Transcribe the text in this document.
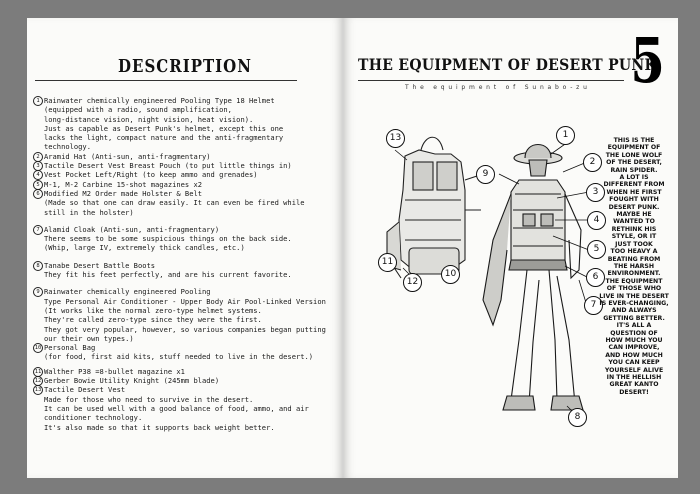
DESCRIPTION
1 Rainwater chemically engineered Pooling Type 18 Helmet
(equipped with a radio, sound amplification,
long-distance vision, night vision, heat vision).
Just as capable as Desert Punk's helmet, except this one
lacks the light, compact nature and the anti-fragmentary
technology.
2 Aramid Hat (Anti-sun, anti-fragmentary)
3 Tactile Desert Vest Breast Pouch (to put little things in)
4 Vest Pocket Left/Right (to keep ammo and grenades)
5 M-1, M-2 Carbine 15-shot magazines x2
6 Modified M2 Order made Holster & Belt
(Made so that one can draw easily. It can even be fired while
still in the holster)
7 Alamid Cloak (Anti-sun, anti-fragmentary)
There seems to be some suspicious things on the back side.
(Whip, large IV, extremely thick candles, etc.)
8 Tanabe Desert Battle Boots
They fit his feet perfectly, and are his current favorite.
9 Rainwater chemically engineered Pooling
Type Personal Air Conditioner - Upper Body Air Pool-Linked Version
(It works like the normal zero-type helmet systems.
They're called zero-type since they were the first.
They got very popular, however, so various companies began putting
our their own types.)
10 Personal Bag
(for food, first aid kits, stuff needed to live in the desert.)
11 Walther P38 =8-bullet magazine x1
12 Gerber Bowie Utility Knight (245mm blade)
13 Tactile Desert Vest
Made for those who need to survive in the desert.
It can be used well with a good balance of food, ammo, and air
conditioner technology.
It's also made so that it supports back weight better.
THE EQUIPMENT OF DESERT PUNK
The equipment of Sunabo-zu 5
1
2
3
4
5
6
7
8
9
10
11
12
13	THIS IS THE
EQUIPMENT OF
THE LONE WOLF
OF THE DESERT,
RAIN SPIDER.
A LOT IS
DIFFERENT FROM
WHEN HE FIRST
FOUGHT WITH
DESERT PUNK.
MAYBE HE
WANTED TO
RETHINK HIS
STYLE, OR IT
JUST TOOK
TOO HEAVY A
BEATING FROM
THE HARSH
ENVIRONMENT.
THE EQUIPMENT
OF THOSE WHO
LIVE IN THE DESERT
IS EVER-CHANGING,
AND ALWAYS
GETTING BETTER.
IT'S ALL A
QUESTION OF
HOW MUCH YOU
CAN IMPROVE,
AND HOW MUCH
YOU CAN KEEP
YOURSELF ALIVE
IN THE HELLISH
GREAT KANTO
DESERT!
